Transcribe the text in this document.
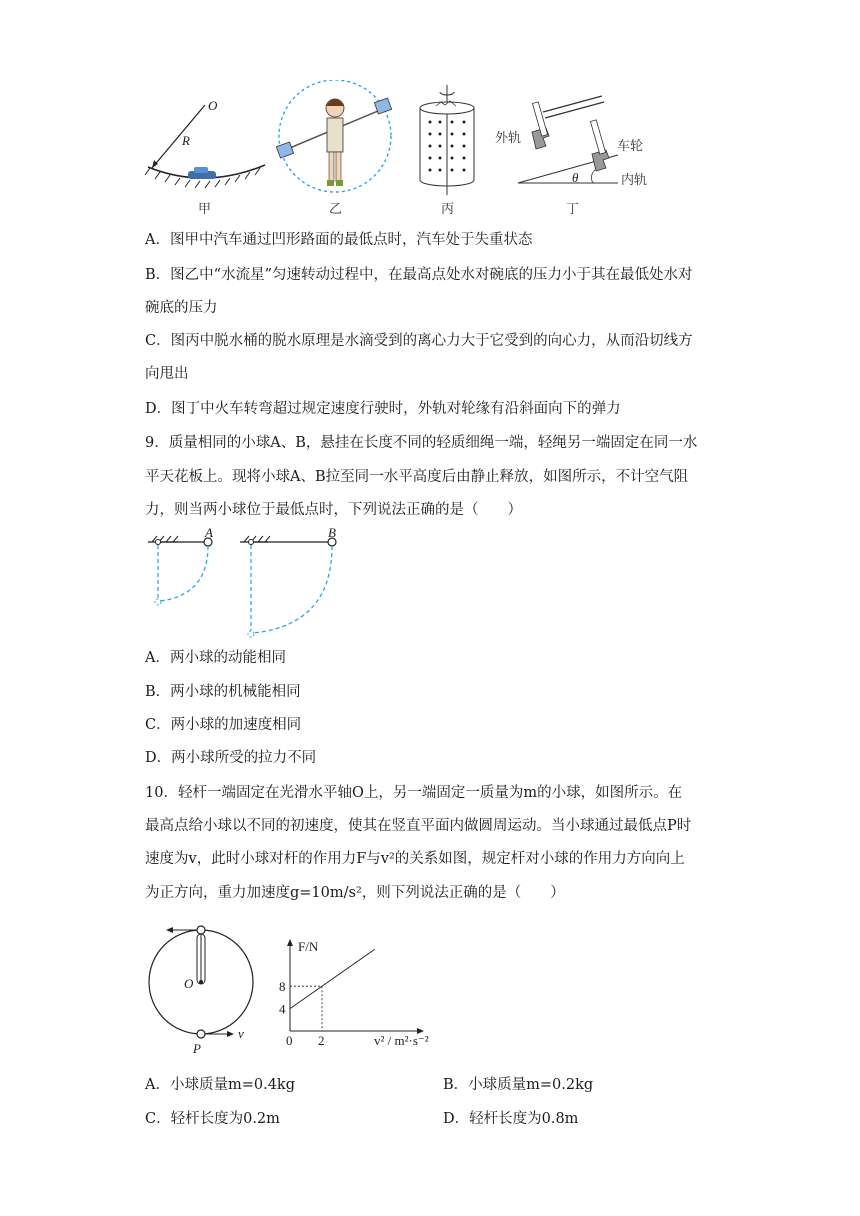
O
R
甲	乙	丙
外轨
车轮
内轨
θ
丁
A．图甲中汽车通过凹形路面的最低点时，汽车处于失重状态
B．图乙中“水流星”匀速转动过程中，在最高点处水对碗底的压力小于其在最低处水对
碗底的压力
C．图丙中脱水桶的脱水原理是水滴受到的离心力大于它受到的向心力，从而沿切线方
向甩出
D．图丁中火车转弯超过规定速度行驶时，外轨对轮缘有沿斜面向下的弹力
9．质量相同的小球A、B，悬挂在长度不同的轻质细绳一端，轻绳另一端固定在同一水
平天花板上。现将小球A、B拉至同一水平高度后由静止释放，如图所示，不计空气阻
力，则当两小球位于最低点时，下列说法正确的是（　　）
A	B
A．两小球的动能相同
B．两小球的机械能相同
C．两小球的加速度相同
D．两小球所受的拉力不同
10．轻杆一端固定在光滑水平轴O上，另一端固定一质量为m的小球，如图所示。在
最高点给小球以不同的初速度，使其在竖直平面内做圆周运动。当小球通过最低点P时
速度为v，此时小球对杆的作用力F与v²的关系如图，规定杆对小球的作用力方向向上
为正方向，重力加速度g=10m/s²，则下列说法正确的是（　　）
O
P
v
F/N
v² / m²·s⁻²
0
4
8
2
A．小球质量m=0.4kg	B．小球质量m=0.2kg
C．轻杆长度为0.2m	D．轻杆长度为0.8m
